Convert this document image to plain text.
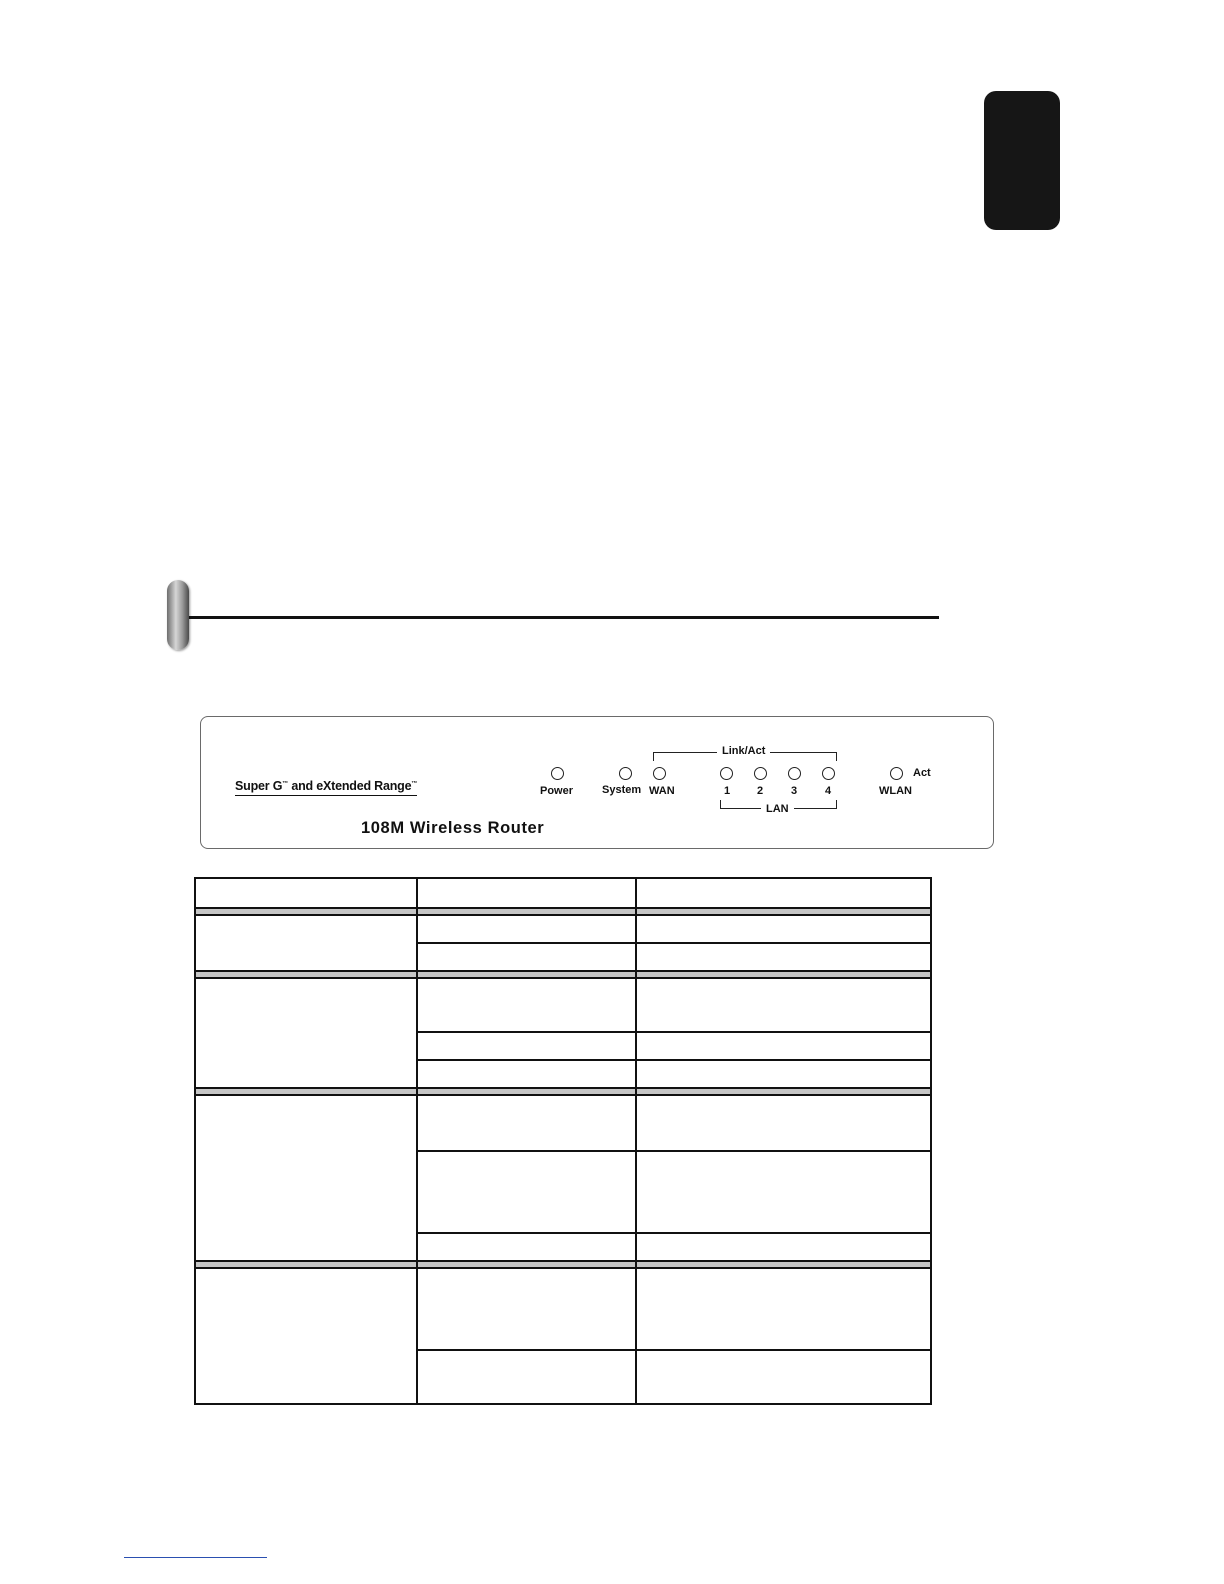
Super G™ and eXtended Range™
108M Wireless Router
Power	System
Link/Act
WAN	1 2	3	4
LAN
Act
WLAN
